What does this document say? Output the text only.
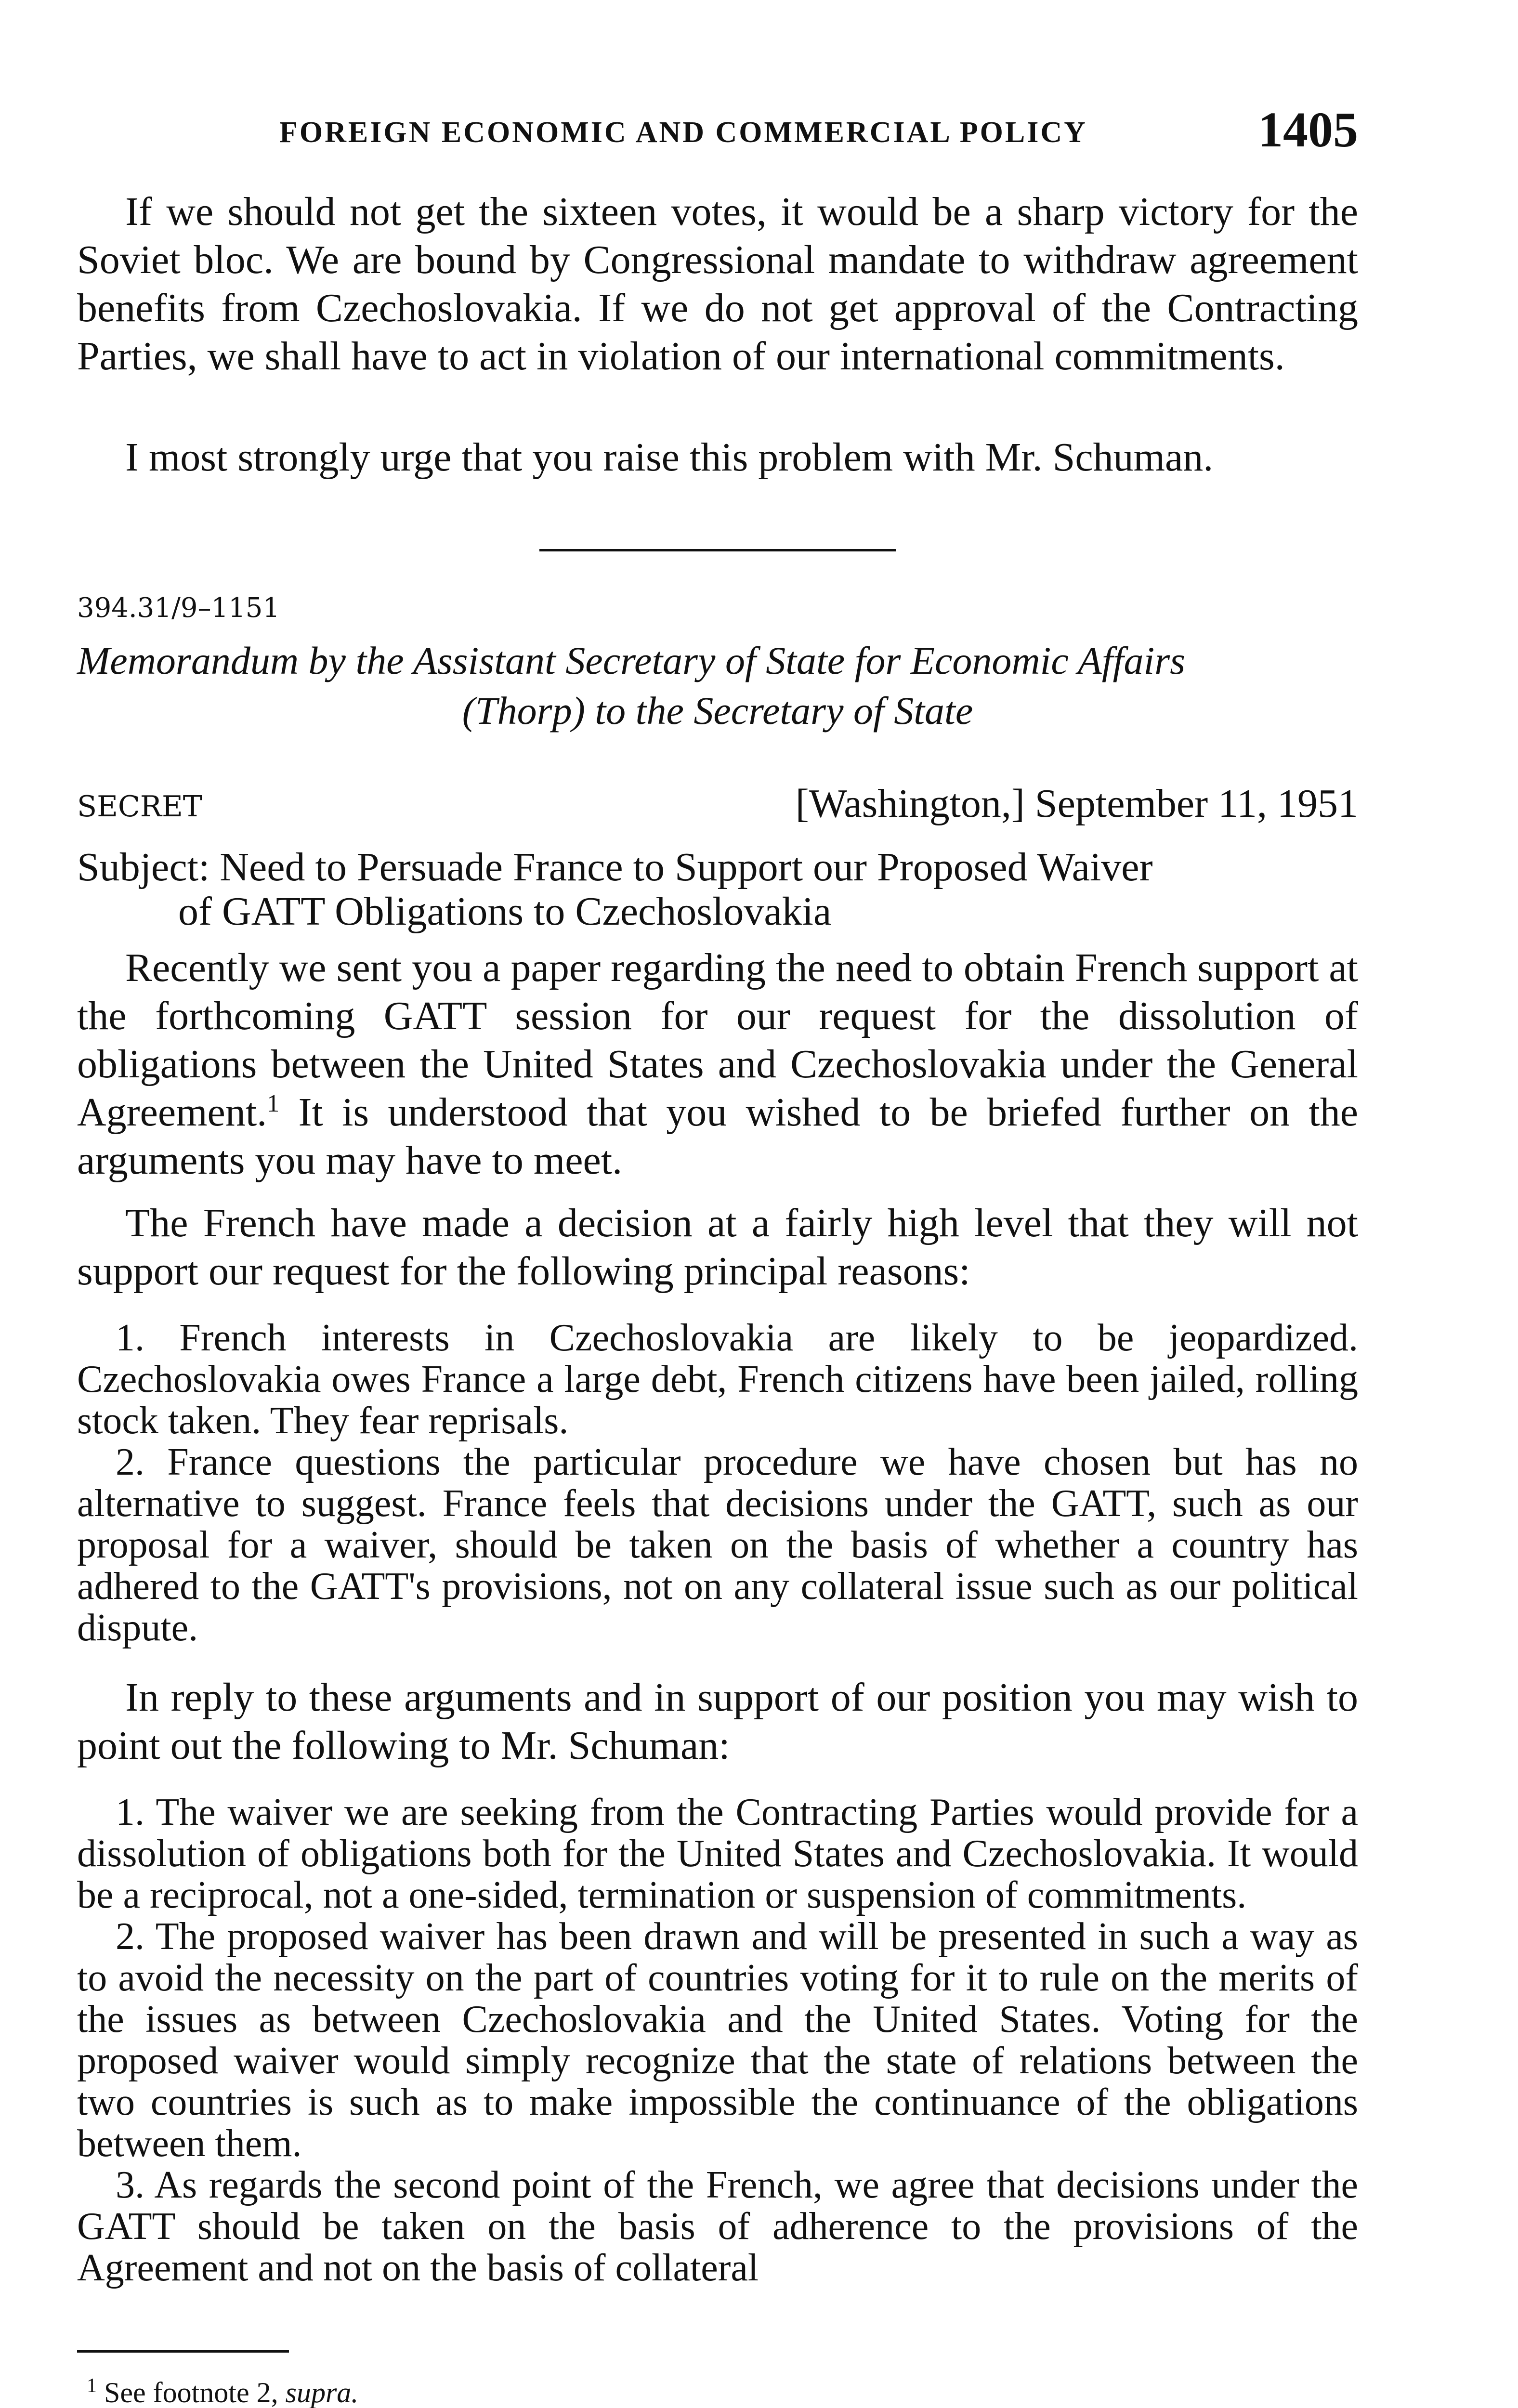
FOREIGN ECONOMIC AND COMMERCIAL POLICY	1405

If we should not get the sixteen votes, it would be a sharp victory for the Soviet bloc. We are bound by Congressional mandate to withdraw agreement benefits from Czechoslovakia. If we do not get approval of the Contracting Parties, we shall have to act in violation of our international commitments.

I most strongly urge that you raise this problem with Mr. Schuman.

394.31/9–1151
Memorandum by the Assistant Secretary of State for Economic Affairs
(Thorp) to the Secretary of State
SECRET	[Washington,] September 11, 1951
Subject: Need to Persuade France to Support our Proposed Waiver
of GATT Obligations to Czechoslovakia

Recently we sent you a paper regarding the need to obtain French support at the forthcoming GATT session for our request for the dissolution of obligations between the United States and Czechoslovakia under the General Agreement.$^1$ It is understood that you wished to be briefed further on the arguments you may have to meet.

The French have made a decision at a fairly high level that they will not support our request for the following principal reasons:

1. French interests in Czechoslovakia are likely to be jeopardized. Czechoslovakia owes France a large debt, French citizens have been jailed, rolling stock taken. They fear reprisals.

2. France questions the particular procedure we have chosen but has no alternative to suggest. France feels that decisions under the GATT, such as our proposal for a waiver, should be taken on the basis of whether a country has adhered to the GATT's provisions, not on any collateral issue such as our political dispute.

In reply to these arguments and in support of our position you may wish to point out the following to Mr. Schuman:

1. The waiver we are seeking from the Contracting Parties would provide for a dissolution of obligations both for the United States and Czechoslovakia. It would be a reciprocal, not a one-sided, termination or suspension of commitments.

2. The proposed waiver has been drawn and will be presented in such a way as to avoid the necessity on the part of countries voting for it to rule on the merits of the issues as between Czechoslovakia and the United States. Voting for the proposed waiver would simply recognize that the state of relations between the two countries is such as to make impossible the continuance of the obligations between them.

3. As regards the second point of the French, we agree that decisions under the GATT should be taken on the basis of adherence to the provisions of the Agreement and not on the basis of collateral

$^1$ See footnote 2, supra.
